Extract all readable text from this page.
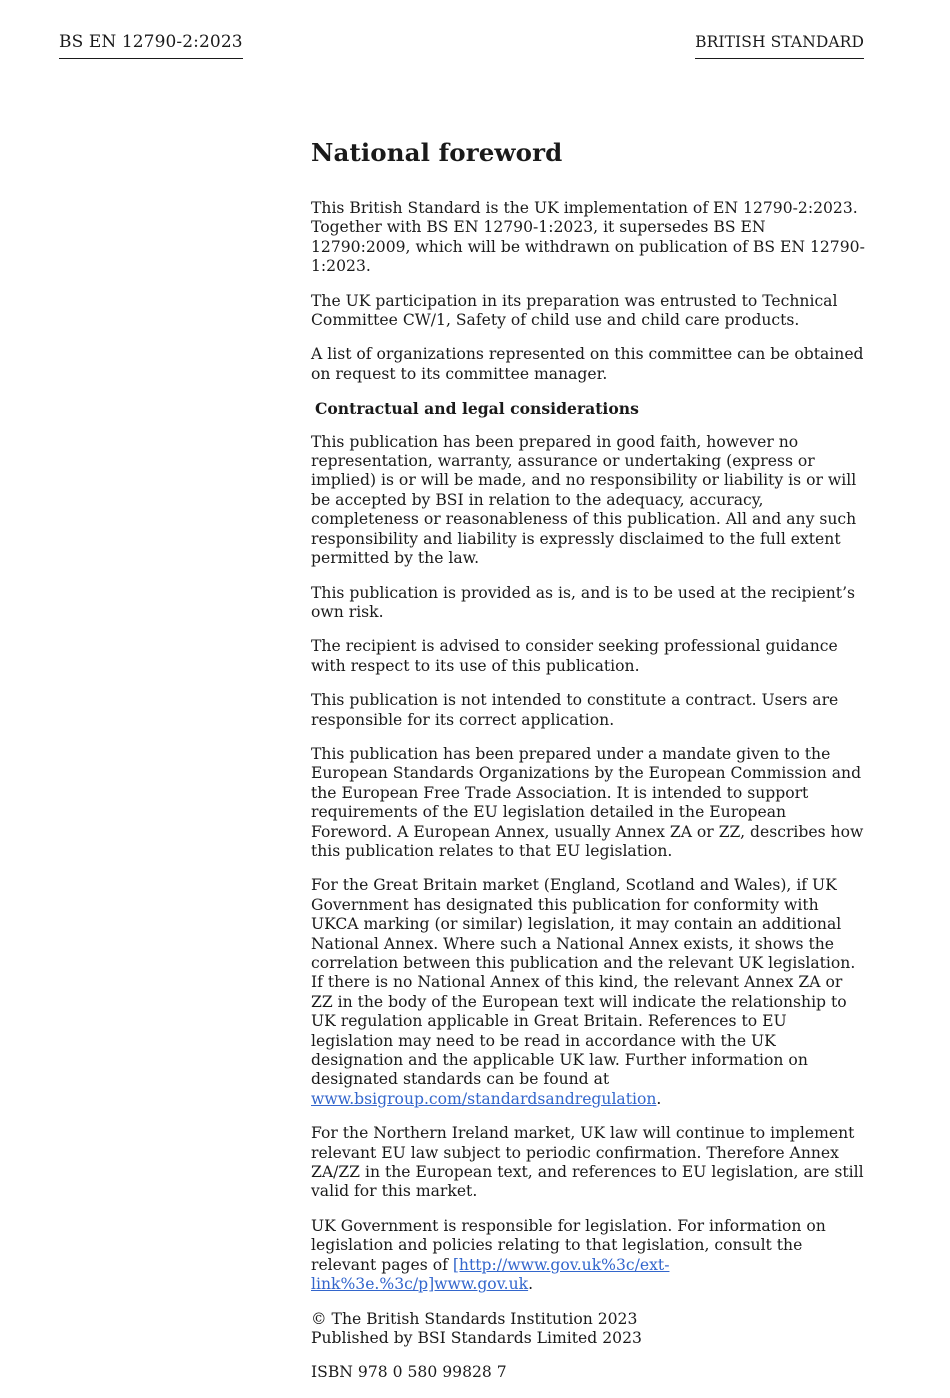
BS EN 12790-2:2023	BRITISH STANDARD
National foreword

This British Standard is the UK implementation of EN 12790-2:2023. Together with BS EN 12790-1:2023, it supersedes BS EN 12790:2009, which will be withdrawn on publication of BS EN 12790-1:2023.

The UK participation in its preparation was entrusted to Technical Committee CW/1, Safety of child use and child care products.

A list of organizations represented on this committee can be obtained on request to its committee manager.

Contractual and legal considerations

This publication has been prepared in good faith, however no representation, warranty, assurance or undertaking (express or implied) is or will be made, and no responsibility or liability is or will be accepted by BSI in relation to the adequacy, accuracy, completeness or reasonableness of this publication. All and any such responsibility and liability is expressly disclaimed to the full extent permitted by the law.

This publication is provided as is, and is to be used at the recipient’s own risk.

The recipient is advised to consider seeking professional guidance with respect to its use of this publication.

This publication is not intended to constitute a contract. Users are responsible for its correct application.

This publication has been prepared under a mandate given to the European Standards Organizations by the European Commission and the European Free Trade Association. It is intended to support requirements of the EU legislation detailed in the European Foreword. A European Annex, usually Annex ZA or ZZ, describes how this publication relates to that EU legislation.

For the Great Britain market (England, Scotland and Wales), if UK Government has designated this publication for conformity with UKCA marking (or similar) legislation, it may contain an additional National Annex. Where such a National Annex exists, it shows the correlation between this publication and the relevant UK legislation. If there is no National Annex of this kind, the relevant Annex ZA or ZZ in the body of the European text will indicate the relationship to UK regulation applicable in Great Britain. References to EU legislation may need to be read in accordance with the UK designation and the applicable UK law. Further information on designated standards can be found at www.bsigroup.com/standardsandregulation.

For the Northern Ireland market, UK law will continue to implement relevant EU law subject to periodic confirmation. Therefore Annex ZA/ZZ in the European text, and references to EU legislation, are still valid for this market.

UK Government is responsible for legislation. For information on legislation and policies relating to that legislation, consult the relevant pages of [http://www.gov.uk%3c/ext-link%3e.%3c/p]www.gov.uk.

© The British Standards Institution 2023
Published by BSI Standards Limited 2023

ISBN 978 0 580 99828 7
